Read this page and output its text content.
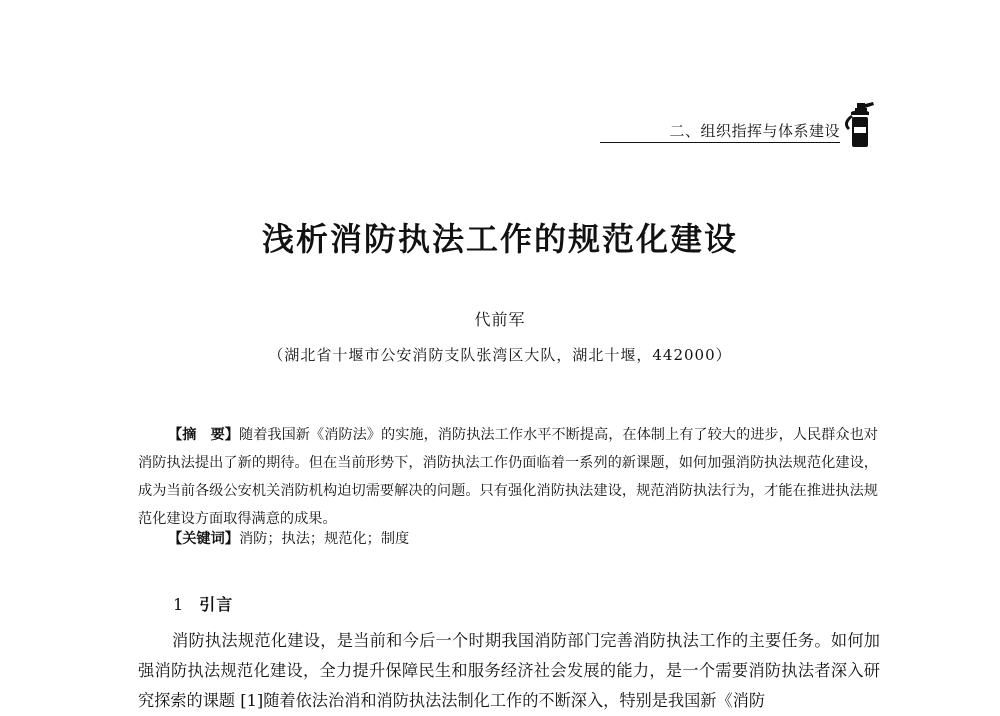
二、组织指挥与体系建设
浅析消防执法工作的规范化建设
代前军
（湖北省十堰市公安消防支队张湾区大队，湖北十堰，442000）

【摘　要】随着我国新《消防法》的实施，消防执法工作水平不断提高，在体制上有了较大的进步，人民群众也对消防执法提出了新的期待。但在当前形势下，消防执法工作仍面临着一系列的新课题，如何加强消防执法规范化建设，成为当前各级公安机关消防机构迫切需要解决的问题。只有强化消防执法建设，规范消防执法行为，才能在推进执法规范化建设方面取得满意的成果。

【关键词】消防；执法；规范化；制度
1 引言

消防执法规范化建设，是当前和今后一个时期我国消防部门完善消防执法工作的主要任务。如何加强消防执法规范化建设，全力提升保障民生和服务经济社会发展的能力，是一个需要消防执法者深入研究探索的课题 [1]随着依法治消和消防执法法制化工作的不断深入，特别是我国新《消防
